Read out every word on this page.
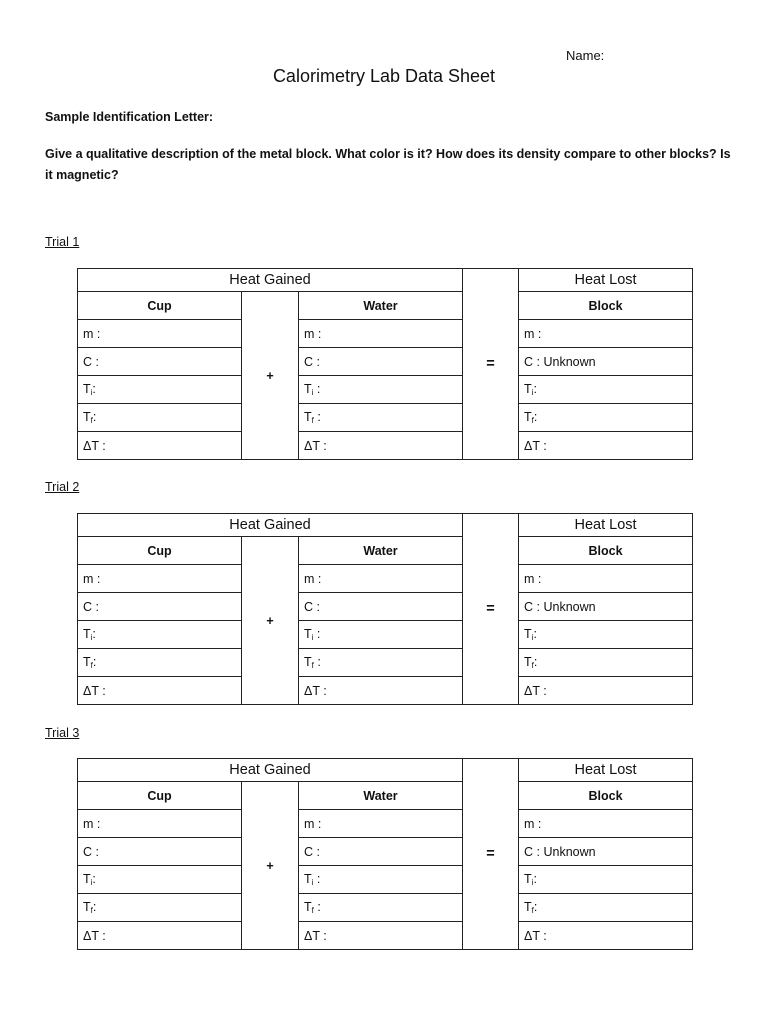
Name:
Calorimetry Lab Data Sheet
Sample Identification Letter:
Give a qualitative description of the metal block. What color is it? How does its density compare to other blocks? Is it magnetic?
Trial 1
Heat Gained			=	Heat Lost
Cup	+	Water		Block
m :		m :		m :
C :		C :		C : Unknown
$T_i$:		$T_i$ :		$T_i$:
$T_f$:		$T_f$ :		$T_f$:
ΔT :		ΔT :		ΔT :
Trial 2
Heat Gained			=	Heat Lost
Cup	+	Water		Block
m :		m :		m :
C :		C :		C : Unknown
$T_i$:		$T_i$ :		$T_i$:
$T_f$:		$T_f$ :		$T_f$:
ΔT :		ΔT :		ΔT :
Trial 3
Heat Gained			=	Heat Lost
Cup	+	Water		Block
m :		m :		m :
C :		C :		C : Unknown
$T_i$:		$T_i$ :		$T_i$:
$T_f$:		$T_f$ :		$T_f$:
ΔT :		ΔT :		ΔT :
